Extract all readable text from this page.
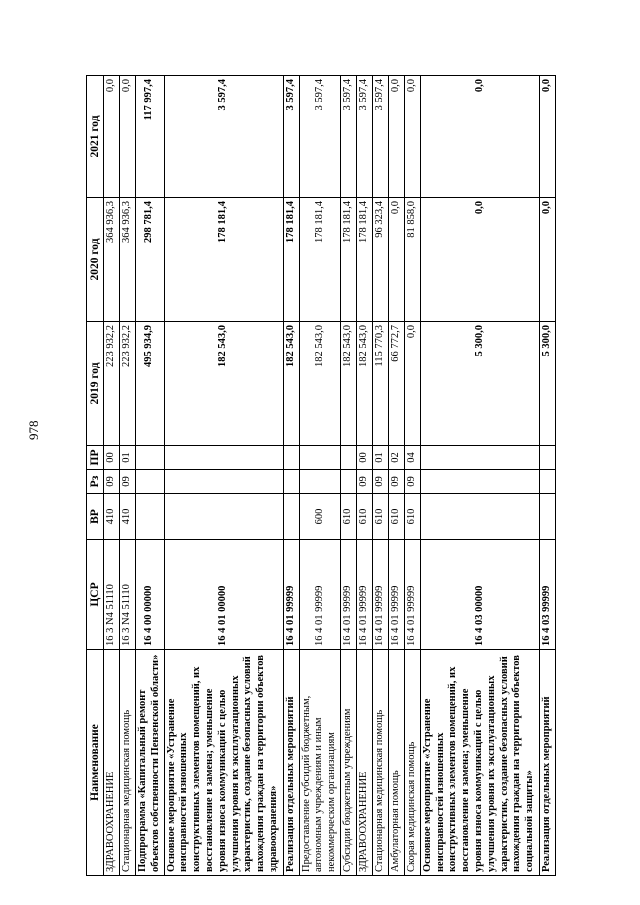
978
Наименование	ЦСР	ВР	Рз	ПР	2019 год	2020 год	2021 год
ЗДРАВООХРАНЕНИЕ	16 3 N4 51110	410	09	00	223 932,2	364 936,3	0,0
Стационарная медицинская помощь	16 3 N4 51110	410	09	01	223 932,2	364 936,3	0,0
Подпрограмма «Капитальный ремонт объектов собственности Пензенской области»	16 4 00 00000				495 934,9	298 781,4	117 997,4
Основное мероприятие «Устранение неисправностей изношенных конструктивных элементов помещений, их восстановление и замена; уменьшение уровня износа коммуникаций с целью улучшения уровня их эксплуатационных характеристик, создание безопасных условий нахождения граждан на территории объектов здравоохранения»	16 4 01 00000				182 543,0	178 181,4	3 597,4
Реализация отдельных мероприятий	16 4 01 99999				182 543,0	178 181,4	3 597,4
Предоставление субсидий бюджетным, автономным учреждениям и иным некоммерческим организациям	16 4 01 99999	600			182 543,0	178 181,4	3 597,4
Субсидии бюджетным учреждениям	16 4 01 99999	610			182 543,0	178 181,4	3 597,4
ЗДРАВООХРАНЕНИЕ	16 4 01 99999	610	09	00	182 543,0	178 181,4	3 597,4
Стационарная медицинская помощь	16 4 01 99999	610	09	01	115 770,3	96 323,4	3 597,4
Амбулаторная помощь	16 4 01 99999	610	09	02	66 772,7	0,0	0,0
Скорая медицинская помощь	16 4 01 99999	610	09	04	0,0	81 858,0	0,0
Основное мероприятие «Устранение неисправностей изношенных конструктивных элементов помещений, их восстановление и замена; уменьшение уровня износа коммуникаций с целью улучшения уровня их эксплуатационных характеристик, создание безопасных условий нахождения граждан на территории объектов социальной защиты»	16 4 03 00000				5 300,0	0,0	0,0
Реализация отдельных мероприятий	16 4 03 99999				5 300,0	0,0	0,0
